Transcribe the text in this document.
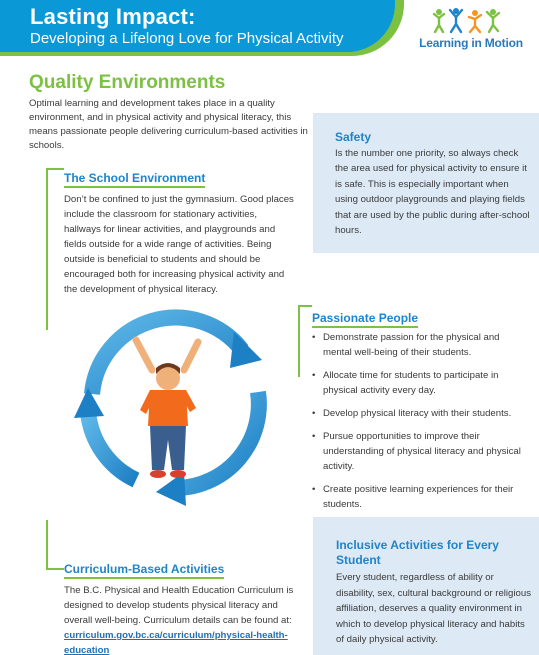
Lasting Impact:
Developing a Lifelong Love for Physical Activity	Learning in Motion
Quality Environments
Optimal learning and development takes place in a quality environment, and in physical activity and physical literacy, this means passionate people delivering curriculum-based activities in schools.
Safety
Is the number one priority, so always check the area used for physical activity to ensure it is safe. This is especially important when using outdoor playgrounds and playing fields that are used by the public during after-school hours.
The School Environment
Don’t be confined to just the gymnasium. Good places include the classroom for stationary activities, hallways for linear activities, and playgrounds and fields outside for a wide range of activities. Being outside is beneficial to students and should be encouraged both for increasing physical activity and the development of physical literacy.
Passionate People
• Demonstrate passion for the physical and mental well-being of their students.
• Allocate time for students to participate in physical activity every day.
• Develop physical literacy with their students.
• Pursue opportunities to improve their understanding of physical literacy and physical activity.
• Create positive learning experiences for their students.
Inclusive Activities for Every Student
Every student, regardless of ability or disability, sex, cultural background or religious affiliation, deserves a quality environment in which to develop physical literacy and habits of daily physical activity.
Curriculum-Based Activities
The B.C. Physical and Health Education Curriculum is designed to develop students physical literacy and overall well-being. Curriculum details can be found at:
curriculum.gov.bc.ca/curriculum/physical-health-education
